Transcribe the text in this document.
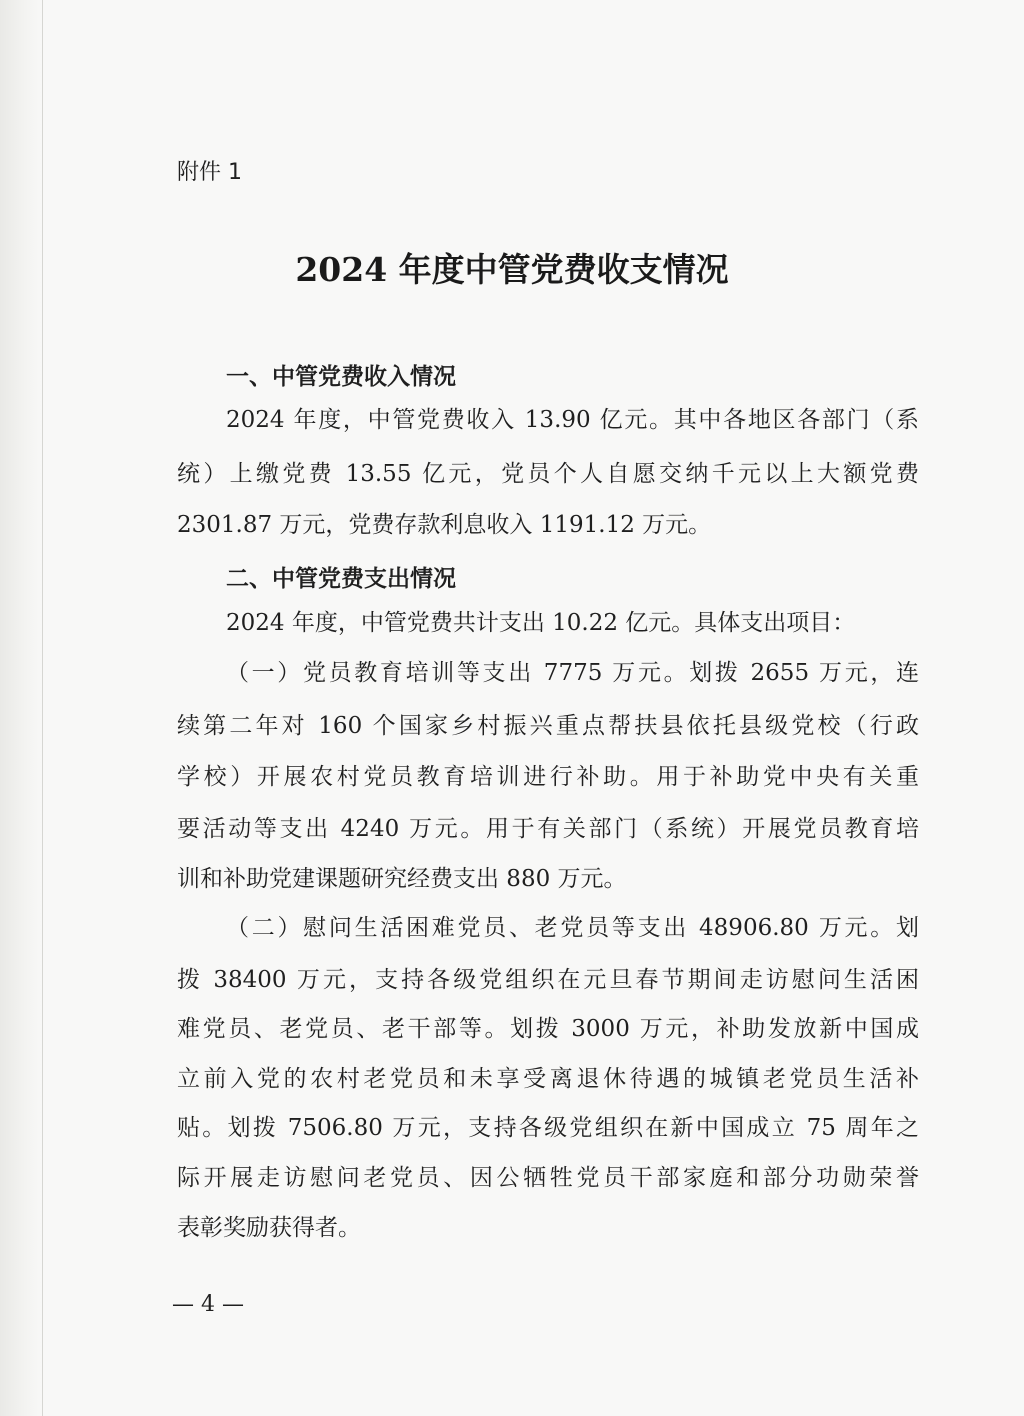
附件 1
2024 年度中管党费收支情况
一、中管党费收入情况
2024 年度，中管党费收入 13.90 亿元。其中各地区各部门（系
统）上缴党费 13.55 亿元，党员个人自愿交纳千元以上大额党费
2301.87 万元，党费存款利息收入 1191.12 万元。
二、中管党费支出情况
2024 年度，中管党费共计支出 10.22 亿元。具体支出项目：
（一）党员教育培训等支出 7775 万元。划拨 2655 万元，连
续第二年对 160 个国家乡村振兴重点帮扶县依托县级党校（行政
学校）开展农村党员教育培训进行补助。用于补助党中央有关重
要活动等支出 4240 万元。用于有关部门（系统）开展党员教育培
训和补助党建课题研究经费支出 880 万元。
（二）慰问生活困难党员、老党员等支出 48906.80 万元。划
拨 38400 万元，支持各级党组织在元旦春节期间走访慰问生活困
难党员、老党员、老干部等。划拨 3000 万元，补助发放新中国成
立前入党的农村老党员和未享受离退休待遇的城镇老党员生活补
贴。划拨 7506.80 万元，支持各级党组织在新中国成立 75 周年之
际开展走访慰问老党员、因公牺牲党员干部家庭和部分功勋荣誉
表彰奖励获得者。
— 4 —
